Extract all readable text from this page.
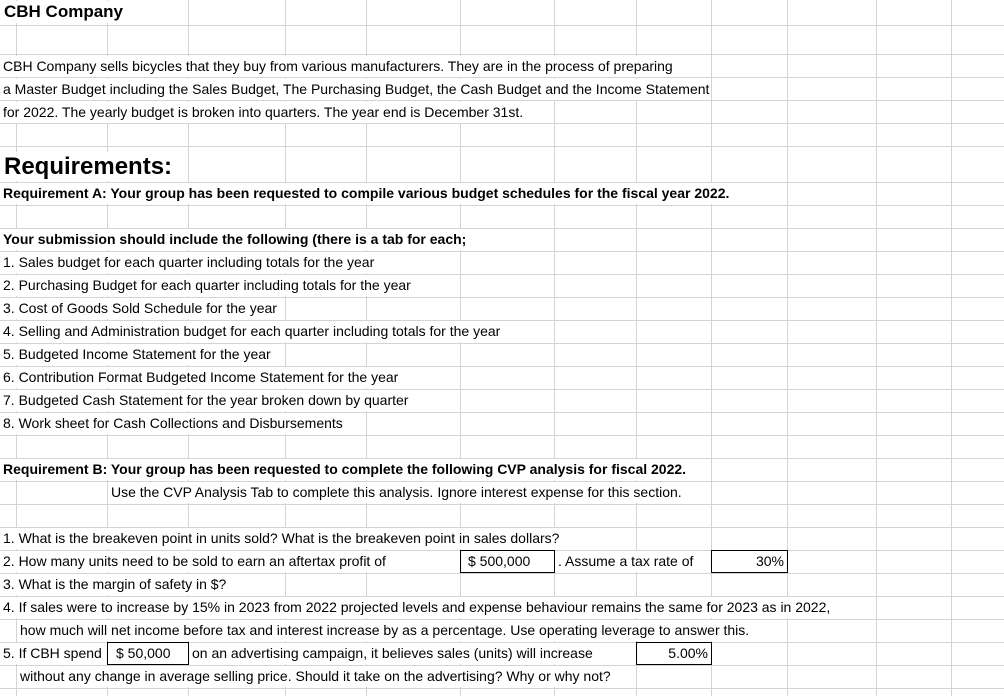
CBH Company
CBH Company sells bicycles that they buy from various manufacturers. They are in the process of preparing
a Master Budget including the Sales Budget, The Purchasing Budget, the Cash Budget and the Income Statement
for 2022. The yearly budget is broken into quarters. The year end is December 31st.
Requirements:
Requirement A: Your group has been requested to compile various budget schedules for the fiscal year 2022.
Your submission should include the following (there is a tab for each;
1. Sales budget for each quarter including totals for the year
2. Purchasing Budget for each quarter including totals for the year
3. Cost of Goods Sold Schedule for the year
4. Selling and Administration budget for each quarter including totals for the year
5. Budgeted Income Statement for the year
6. Contribution Format Budgeted Income Statement for the year
7. Budgeted Cash Statement for the year broken down by quarter
8. Work sheet for Cash Collections and Disbursements
Requirement B: Your group has been requested to complete the following CVP analysis for fiscal 2022.
Use the CVP Analysis Tab to complete this analysis. Ignore interest expense for this section.
1. What is the breakeven point in units sold? What is the breakeven point in sales dollars?
2. How many units need to be sold to earn an aftertax profit of	$ 500,000	. Assume a tax rate of	30%
3. What is the margin of safety in $?
4. If sales were to increase by 15% in 2023 from 2022 projected levels and expense behaviour remains the same for 2023 as in 2022,
how much will net income before tax and interest increase by as a percentage. Use operating leverage to answer this.
5. If CBH spend	$ 50,000	on an advertising campaign, it believes sales (units) will increase	5.00%
without any change in average selling price. Should it take on the advertising? Why or why not?
